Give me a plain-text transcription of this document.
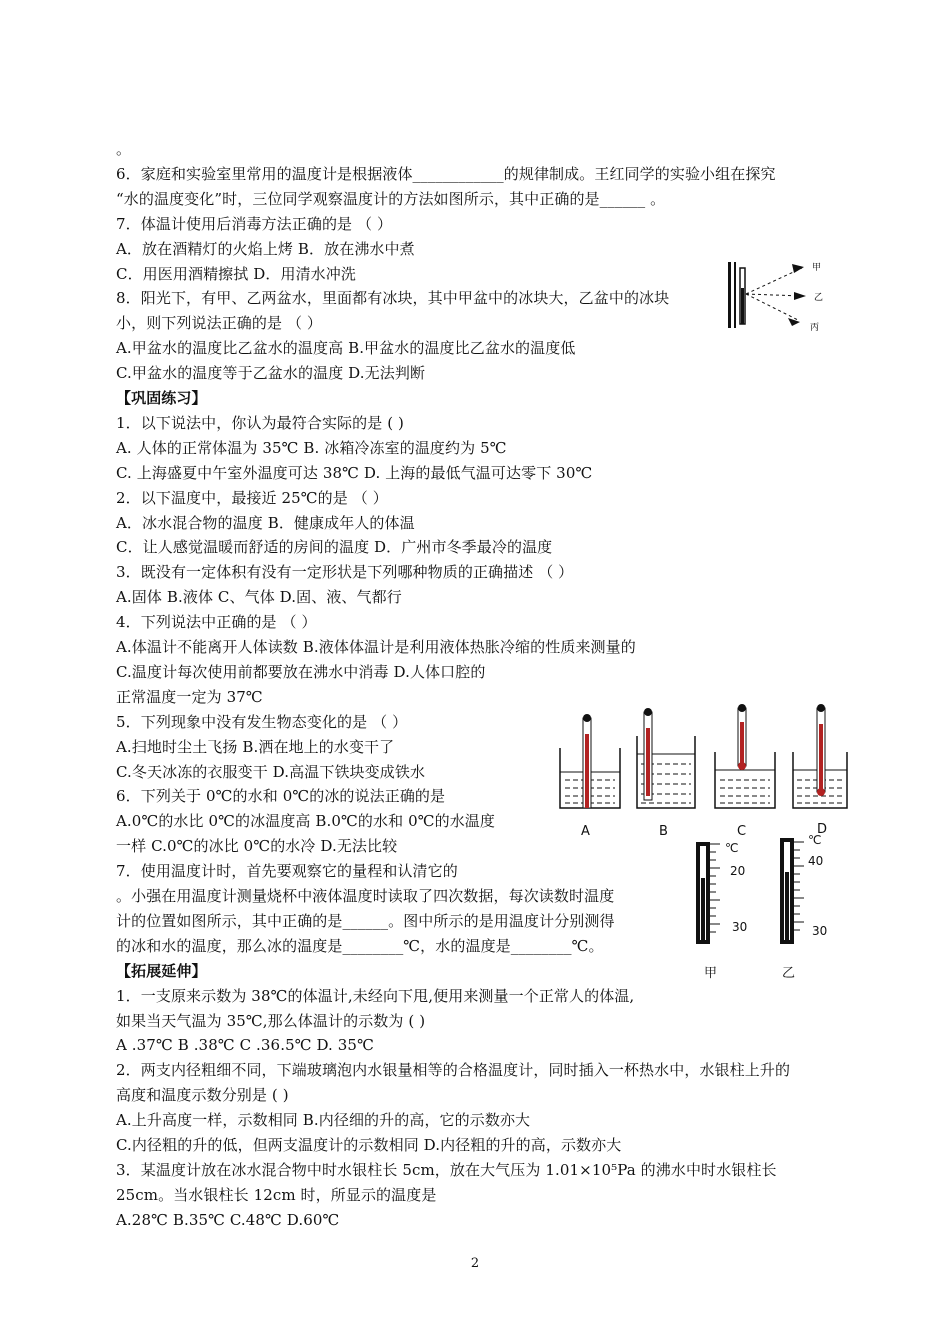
。
6．家庭和实验室里常用的温度计是根据液体____________的规律制成。王红同学的实验小组在探究
“水的温度变化”时，三位同学观察温度计的方法如图所示，其中正确的是______ 。
7．体温计使用后消毒方法正确的是 （ ）
A．放在酒精灯的火焰上烤 B．放在沸水中煮
C．用医用酒精擦拭 D．用清水冲洗
8．阳光下，有甲、乙两盆水，里面都有冰块，其中甲盆中的冰块大，乙盆中的冰块
小，则下列说法正确的是 （ ）
A.甲盆水的温度比乙盆水的温度高 B.甲盆水的温度比乙盆水的温度低
C.甲盆水的温度等于乙盆水的温度 D.无法判断
【巩固练习】
1．以下说法中，你认为最符合实际的是 ( )
A. 人体的正常体温为 35℃ B. 冰箱冷冻室的温度约为 5℃
C. 上海盛夏中午室外温度可达 38℃ D. 上海的最低气温可达零下 30℃
2．以下温度中，最接近 25℃的是 （ ）
A．冰水混合物的温度 B．健康成年人的体温
C．让人感觉温暖而舒适的房间的温度 D．广州市冬季最冷的温度
3．既没有一定体积有没有一定形状是下列哪种物质的正确描述 （ ）
A.固体 B.液体 C、气体 D.固、液、气都行
4．下列说法中正确的是 （ ）
A.体温计不能离开人体读数 B.液体体温计是利用液体热胀冷缩的性质来测量的
C.温度计每次使用前都要放在沸水中消毒 D.人体口腔的
正常温度一定为 37℃
5．下列现象中没有发生物态变化的是 （ ）
A.扫地时尘土飞扬 B.洒在地上的水变干了
C.冬天冰冻的衣服变干 D.高温下铁块变成铁水
6．下列关于 0℃的水和 0℃的冰的说法正确的是
A.0℃的水比 0℃的冰温度高 B.0℃的水和 0℃的水温度
一样 C.0℃的冰比 0℃的水冷 D.无法比较
7．使用温度计时，首先要观察它的量程和认清它的
。小强在用温度计测量烧杯中液体温度时读取了四次数据，每次读数时温度
计的位置如图所示，其中正确的是______。图中所示的是用温度计分别测得
的冰和水的温度，那么冰的温度是________℃，水的温度是________℃。
【拓展延伸】
1．一支原来示数为 38℃的体温计,未经向下甩,便用来测量一个正常人的体温,
如果当天气温为 35℃,那么体温计的示数为 ( )
A .37℃ B .38℃ C .36.5℃ D. 35℃
2．两支内径粗细不同，下端玻璃泡内水银量相等的合格温度计，同时插入一杯热水中，水银柱上升的
高度和温度示数分别是 ( )
A.上升高度一样，示数相同 B.内径细的升的高，它的示数亦大
C.内径粗的升的低，但两支温度计的示数相同 D.内径粗的升的高，示数亦大
3．某温度计放在冰水混合物中时水银柱长 5cm，放在大气压为 1.01×10⁵Pa 的沸水中时水银柱长
25cm。当水银柱长 12cm 时，所显示的温度是
A.28℃ B.35℃ C.48℃ D.60℃
甲
乙
丙
A	B	C	D
℃
20
30
℃
40
30
甲	乙
2
